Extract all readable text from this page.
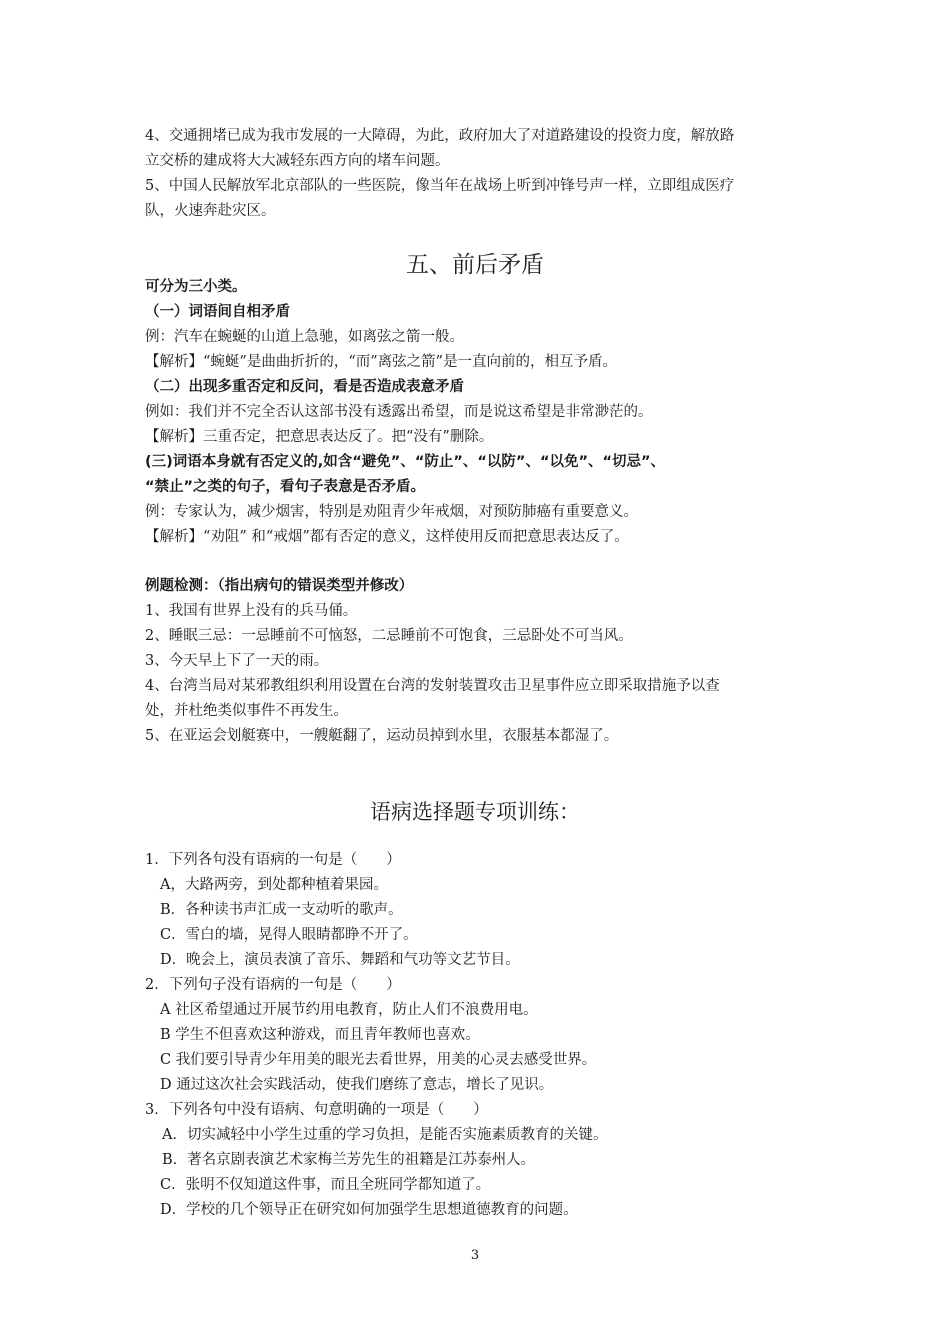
4、交通拥堵已成为我市发展的一大障碍，为此，政府加大了对道路建设的投资力度，解放路
立交桥的建成将大大减轻东西方向的堵车问题。
5、中国人民解放军北京部队的一些医院，像当年在战场上听到冲锋号声一样，立即组成医疗
队，火速奔赴灾区。
五、前后矛盾
可分为三小类。
（一）词语间自相矛盾
例：汽车在蜿蜒的山道上急驰，如离弦之箭一般。
【解析】“蜿蜒”是曲曲折折的，“而”离弦之箭”是一直向前的，相互予盾。
（二）出现多重否定和反问，看是否造成表意矛盾
例如：我们并不完全否认这部书没有透露出希望，而是说这希望是非常渺茫的。
【解析】三重否定，把意思表达反了。把“没有”删除。
(三)词语本身就有否定义的,如含“避免”、“防止”、“以防”、“以免”、“切忌”、
“禁止”之类的句子，看句子表意是否矛盾。
例：专家认为，减少烟害，特别是劝阻青少年戒烟，对预防肺癌有重要意义。
【解析】“劝阻” 和“戒烟”都有否定的意义，这样使用反而把意思表达反了。
例题检测：（指出病句的错误类型并修改）
1、我国有世界上没有的兵马俑。
2、睡眠三忌：一忌睡前不可恼怒，二忌睡前不可饱食，三忌卧处不可当风。
3、今天早上下了一天的雨。
4、台湾当局对某邪教组织利用设置在台湾的发射装置攻击卫星事件应立即采取措施予以查
处，并杜绝类似事件不再发生。
5、在亚运会划艇赛中，一艘艇翻了，运动员掉到水里，衣服基本都湿了。
语病选择题专项训练：
1．下列各句没有语病的一句是（　　）
A，大路两旁，到处都种植着果园。
B．各种读书声汇成一支动听的歌声。
C．雪白的墙，晃得人眼睛都睁不开了。
D．晚会上，演员表演了音乐、舞蹈和气功等文艺节目。
2．下列句子没有语病的一句是（　　）
A 社区希望通过开展节约用电教育，防止人们不浪费用电。
B 学生不但喜欢这种游戏，而且青年教师也喜欢。
C 我们要引导青少年用美的眼光去看世界，用美的心灵去感受世界。
D 通过这次社会实践活动，使我们磨练了意志，增长了见识。
3．下列各句中没有语病、句意明确的一项是（　　）
A．切实减轻中小学生过重的学习负担，是能否实施素质教育的关键。
B．著名京剧表演艺术家梅兰芳先生的祖籍是江苏泰州人。
C．张明不仅知道这件事，而且全班同学都知道了。
D．学校的几个领导正在研究如何加强学生思想道德教育的问题。
3
